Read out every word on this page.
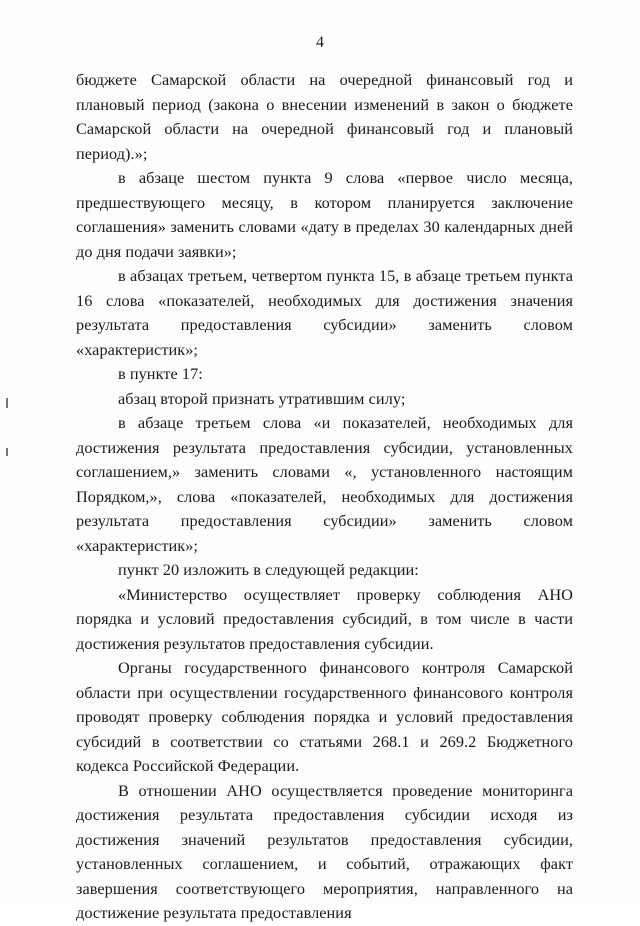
4

бюджете Самарской области на очередной финансовый год и плановый период (закона о внесении изменений в закон о бюджете Самарской области на очередной финансовый год и плановый период).»;

в абзаце шестом пункта 9 слова «первое число месяца, предшествующего месяцу, в котором планируется заключение соглашения» заменить словами «дату в пределах 30 календарных дней до дня подачи заявки»;

в абзацах третьем, четвертом пункта 15, в абзаце третьем пункта 16 слова «показателей, необходимых для достижения значения результата предоставления субсидии» заменить словом «характеристик»;

в пункте 17:

абзац второй признать утратившим силу;

в абзаце третьем слова «и показателей, необходимых для достижения результата предоставления субсидии, установленных соглашением,» заменить словами «, установленного настоящим Порядком,», слова «показателей, необходимых для достижения результата предоставления субсидии» заменить словом «характеристик»;

пункт 20 изложить в следующей редакции:

«Министерство осуществляет проверку соблюдения АНО порядка и условий предоставления субсидий, в том числе в части достижения результатов предоставления субсидии.

Органы государственного финансового контроля Самарской области при осуществлении государственного финансового контроля проводят проверку соблюдения порядка и условий предоставления субсидий в соответствии со статьями 268.1 и 269.2 Бюджетного кодекса Российской Федерации.

В отношении АНО осуществляется проведение мониторинга достижения результата предоставления субсидии исходя из достижения значений результатов предоставления субсидии, установленных соглашением, и событий, отражающих факт завершения соответствующего мероприятия, направленного на достижение результата предоставления
